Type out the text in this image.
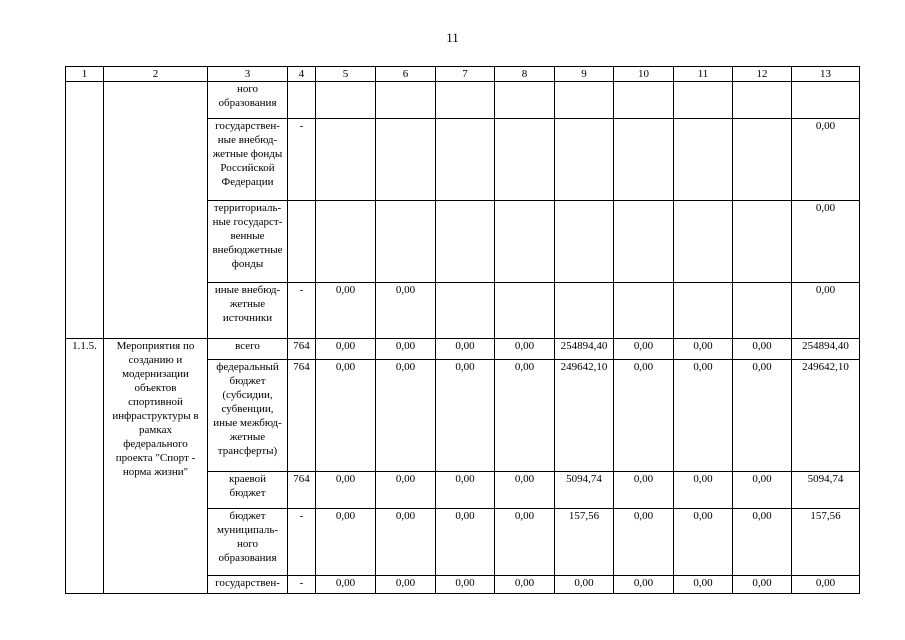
11
1	2	3	4	5	6	7	8	9	10	11	12	13
		ного образования										
		государствен-ные внебюд-жетные фонды Российской Федерации	-									0,00
		территориаль-ные государст-венные внебюджетные фонды										0,00
		иные внебюд-жетные источники	-	0,00	0,00							0,00
1.1.5.	Мероприятия по созданию и модернизации объектов спортивной инфраструктуры в рамках федерального проекта "Спорт - норма жизни"	всего	764	0,00	0,00	0,00	0,00	254894,40	0,00	0,00	0,00	254894,40
		федеральный бюджет (субсидии, субвенции, иные межбюд-жетные трансферты)	764	0,00	0,00	0,00	0,00	249642,10	0,00	0,00	0,00	249642,10
		краевой бюджет	764	0,00	0,00	0,00	0,00	5094,74	0,00	0,00	0,00	5094,74
		бюджет муниципаль-ного образования	-	0,00	0,00	0,00	0,00	157,56	0,00	0,00	0,00	157,56
		государствен-	-	0,00	0,00	0,00	0,00	0,00	0,00	0,00	0,00	0,00
